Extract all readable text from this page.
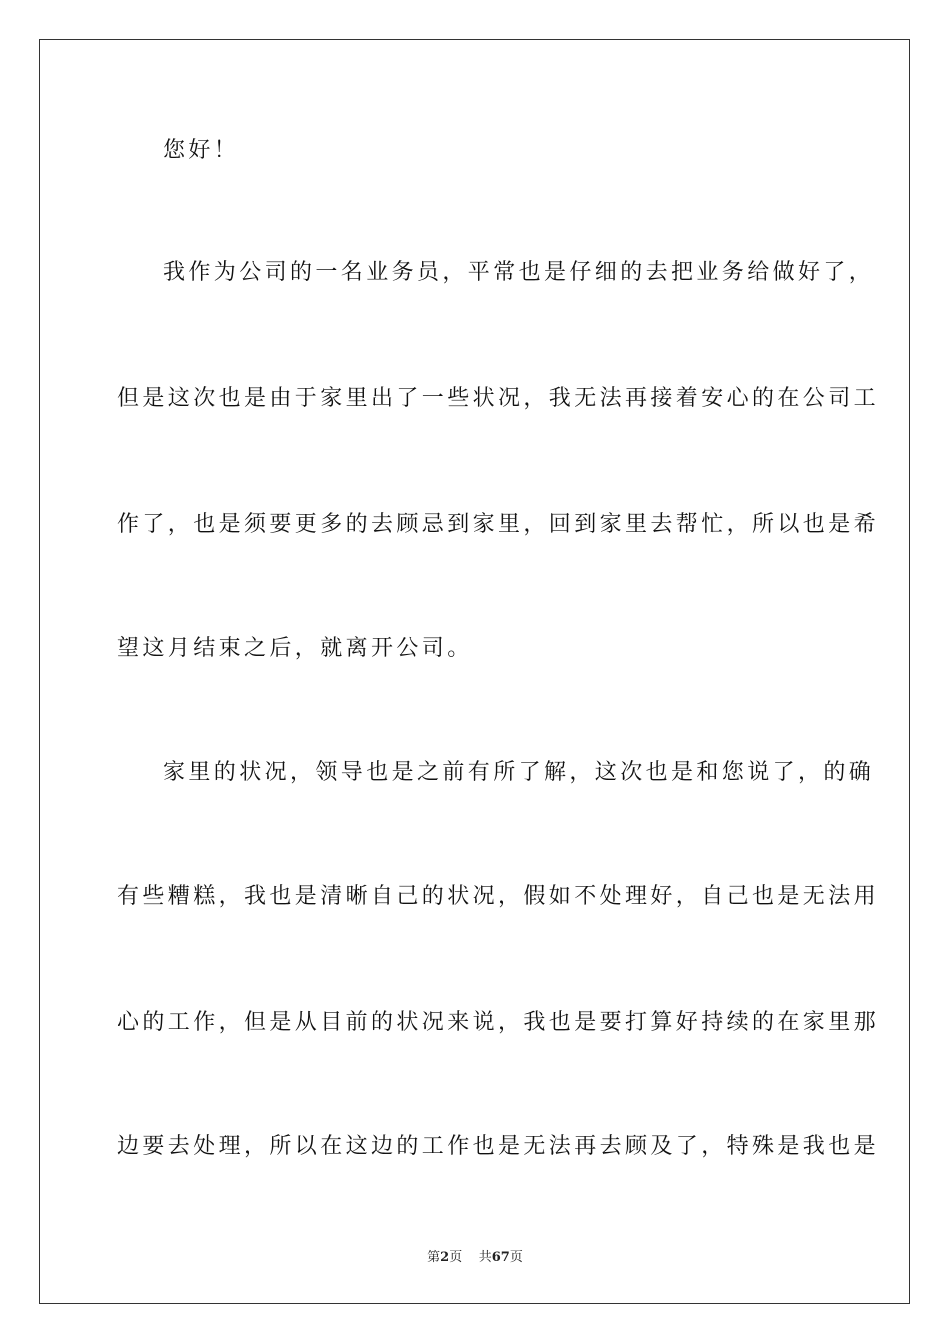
您好！
我作为公司的一名业务员，平常也是仔细的去把业务给做好了，
但是这次也是由于家里出了一些状况，我无法再接着安心的在公司工
作了，也是须要更多的去顾忌到家里，回到家里去帮忙，所以也是希
望这月结束之后，就离开公司。
家里的状况，领导也是之前有所了解，这次也是和您说了，的确
有些糟糕，我也是清晰自己的状况，假如不处理好，自己也是无法用
心的工作，但是从目前的状况来说，我也是要打算好持续的在家里那
边要去处理，所以在这边的工作也是无法再去顾及了，特殊是我也是
第2页 共67页
